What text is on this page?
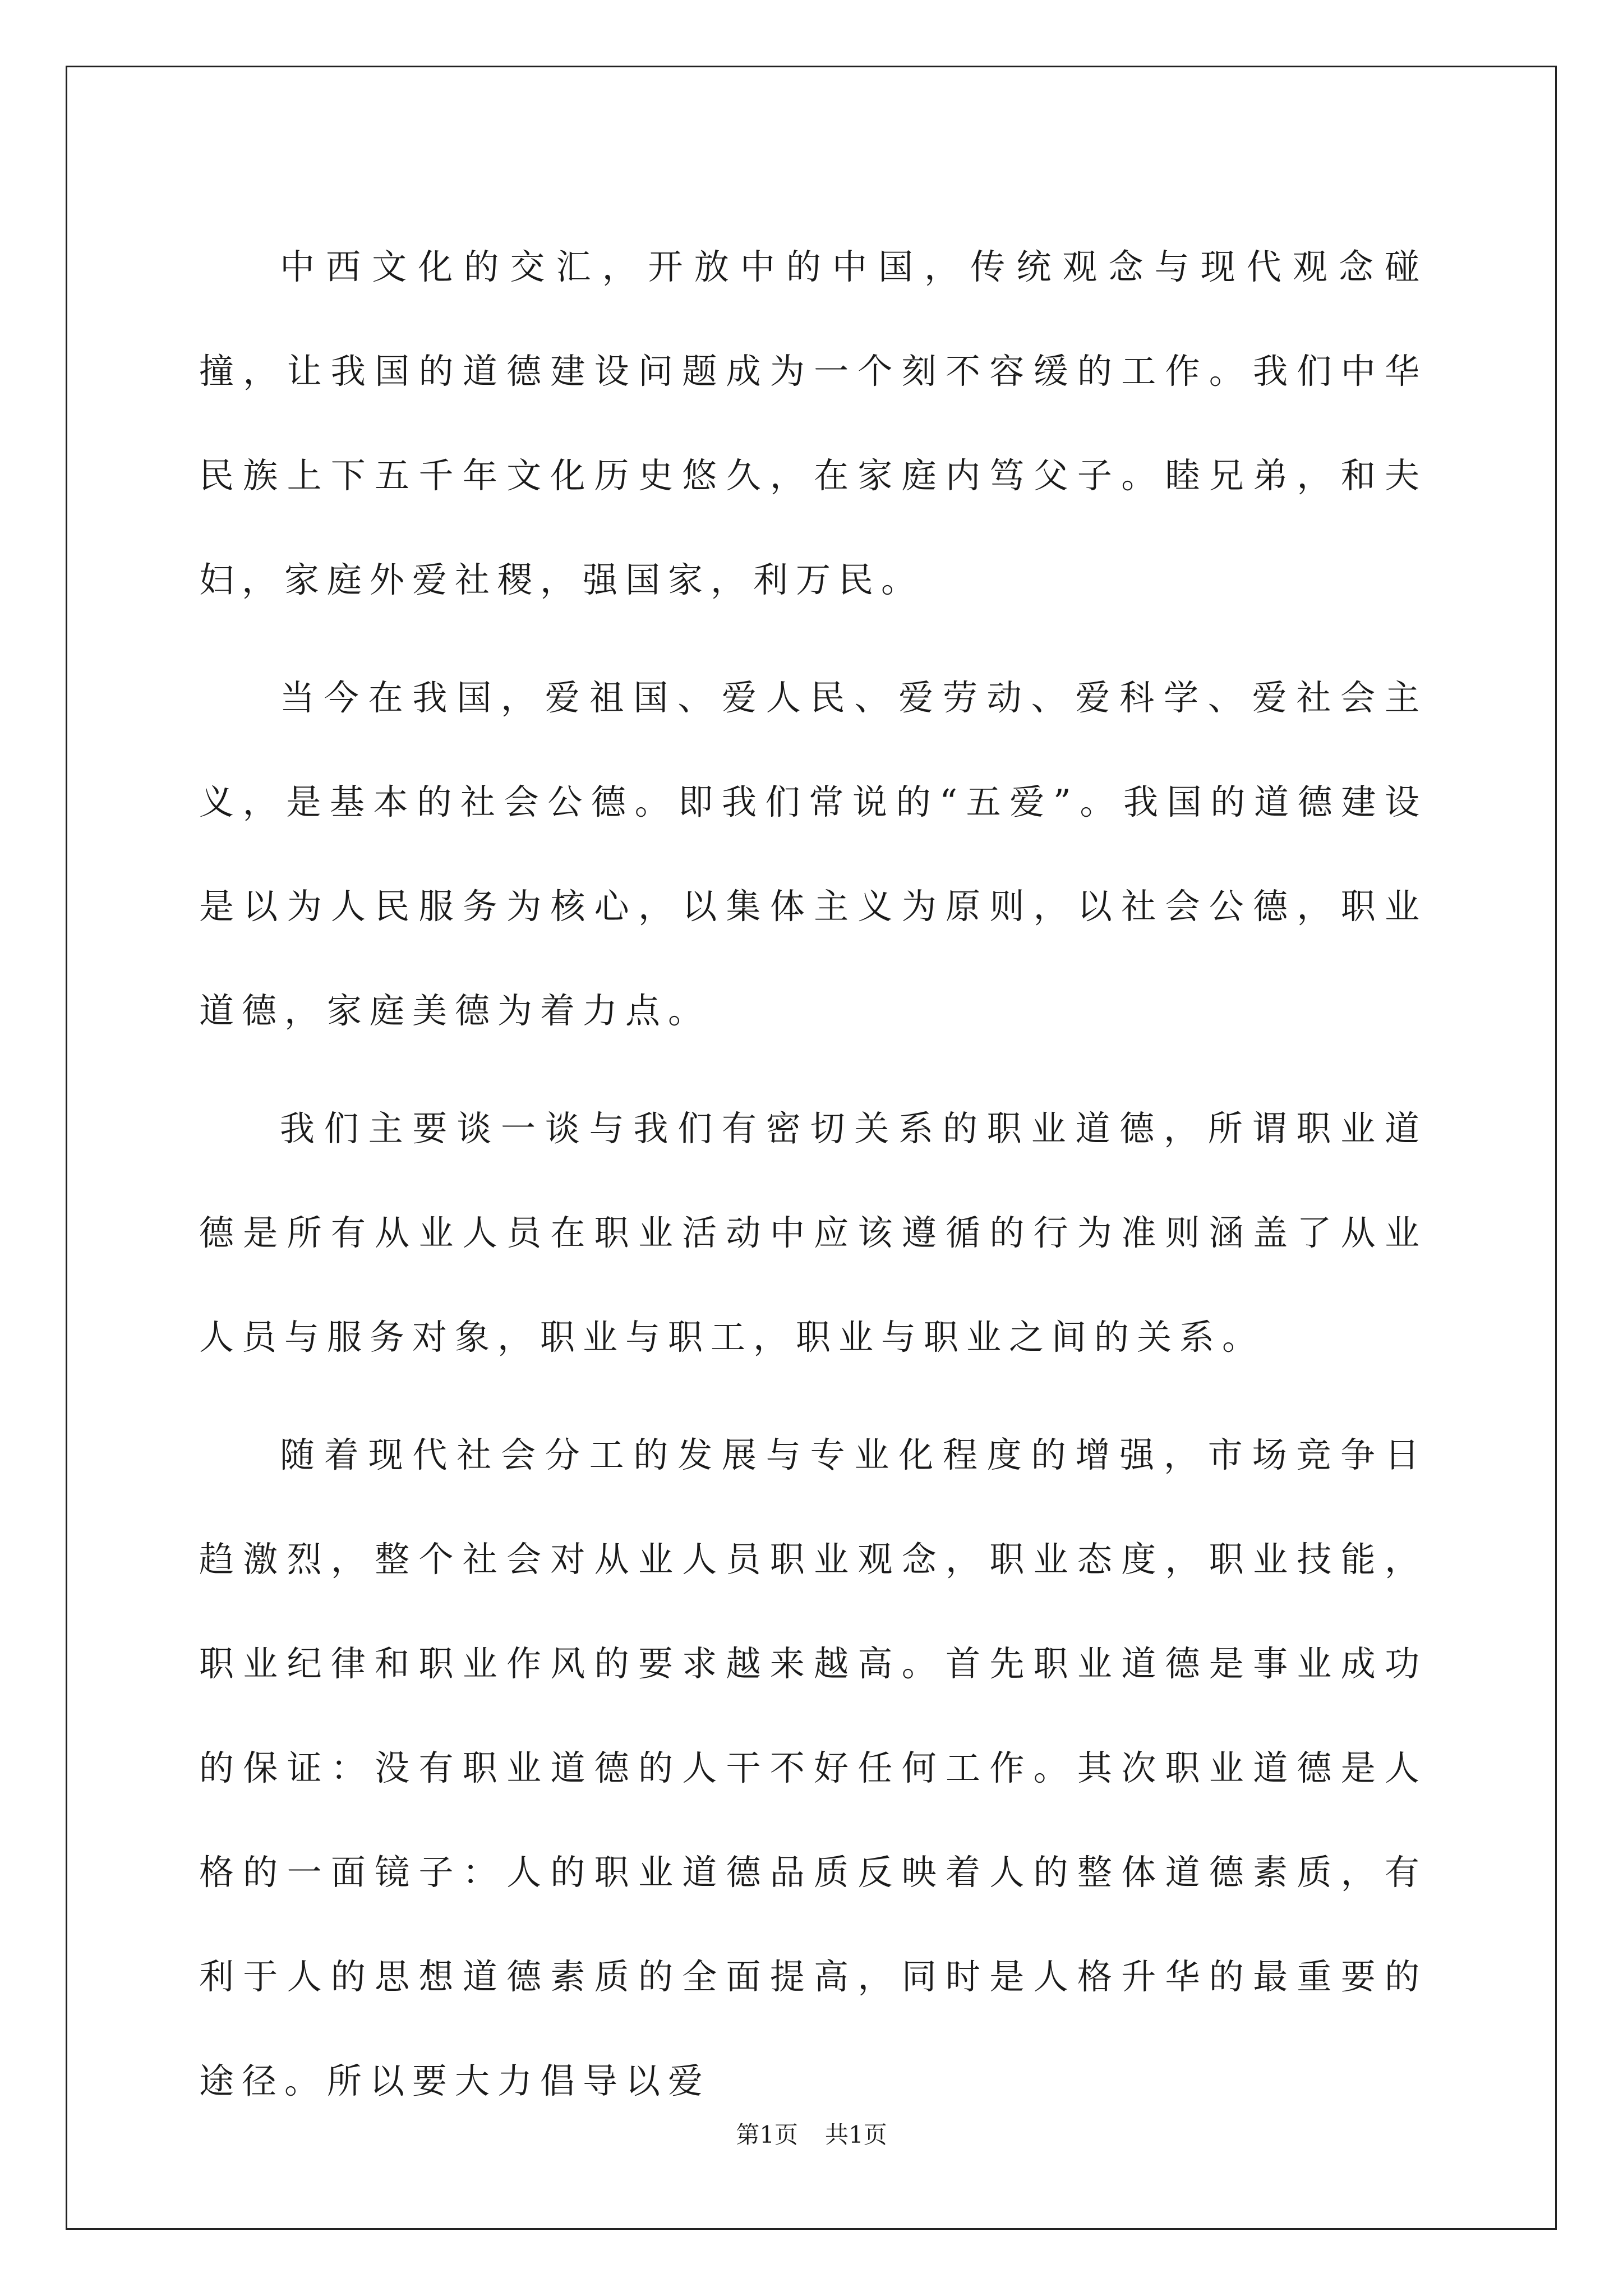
中西文化的交汇，开放中的中国，传统观念与现代观念碰撞，让我国的道德建设问题成为一个刻不容缓的工作。我们中华民族上下五千年文化历史悠久，在家庭内笃父子。睦兄弟，和夫妇，家庭外爱社稷，强国家，利万民。

当今在我国，爱祖国、爱人民、爱劳动、爱科学、爱社会主义，是基本的社会公德。即我们常说的“五爱”。我国的道德建设是以为人民服务为核心，以集体主义为原则，以社会公德，职业道德，家庭美德为着力点。

我们主要谈一谈与我们有密切关系的职业道德，所谓职业道德是所有从业人员在职业活动中应该遵循的行为准则涵盖了从业人员与服务对象，职业与职工，职业与职业之间的关系。

随着现代社会分工的发展与专业化程度的增强，市场竞争日趋激烈，整个社会对从业人员职业观念，职业态度，职业技能，职业纪律和职业作风的要求越来越高。首先职业道德是事业成功的保证：没有职业道德的人干不好任何工作。其次职业道德是人格的一面镜子：人的职业道德品质反映着人的整体道德素质，有利于人的思想道德素质的全面提高，同时是人格升华的最重要的途径。所以要大力倡导以爱

第1页 共1页
